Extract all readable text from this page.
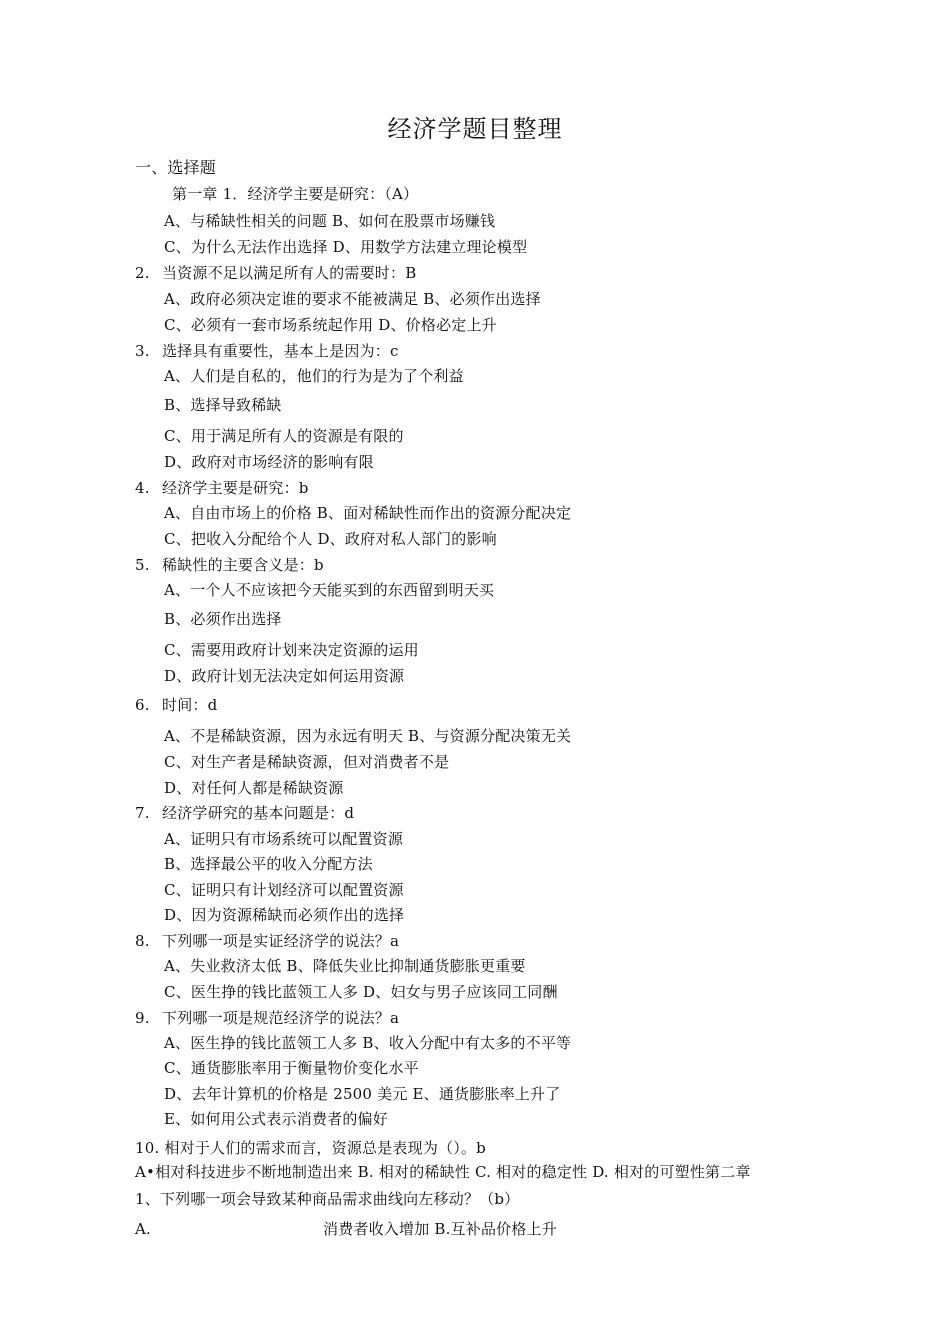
经济学题目整理
一、选择题
第一章 1．经济学主要是研究：（A）
A、与稀缺性相关的问题 B、如何在股票市场赚钱
C、为什么无法作出选择 D、用数学方法建立理论模型
2. 当资源不足以满足所有人的需要时：B
A、政府必须决定谁的要求不能被满足 B、必须作出选择
C、必须有一套市场系统起作用 D、价格必定上升
3. 选择具有重要性，基本上是因为：c
A、人们是自私的，他们的行为是为了个利益
B、选择导致稀缺
C、用于满足所有人的资源是有限的
D、政府对市场经济的影响有限
4. 经济学主要是研究：b
A、自由市场上的价格 B、面对稀缺性而作出的资源分配决定
C、把收入分配给个人 D、政府对私人部门的影响
5. 稀缺性的主要含义是：b
A、一个人不应该把今天能买到的东西留到明天买
B、必须作出选择
C、需要用政府计划来决定资源的运用
D、政府计划无法决定如何运用资源
6. 时间：d
A、不是稀缺资源，因为永远有明天 B、与资源分配决策无关
C、对生产者是稀缺资源，但对消费者不是
D、对任何人都是稀缺资源
7. 经济学研究的基本问题是：d
A、证明只有市场系统可以配置资源
B、选择最公平的收入分配方法
C、证明只有计划经济可以配置资源
D、因为资源稀缺而必须作出的选择
8. 下列哪一项是实证经济学的说法？a
A、失业救济太低 B、降低失业比抑制通货膨胀更重要
C、医生挣的钱比蓝领工人多 D、妇女与男子应该同工同酬
9. 下列哪一项是规范经济学的说法？a
A、医生挣的钱比蓝领工人多 B、收入分配中有太多的不平等
C、通货膨胀率用于衡量物价变化水平
D、去年计算机的价格是 2500 美元 E、通货膨胀率上升了
E、如何用公式表示消费者的偏好
10. 相对于人们的需求而言，资源总是表现为（）。b
A•相对科技进步不断地制造出来 B. 相对的稀缺性 C. 相对的稳定性 D. 相对的可塑性第二章
1、下列哪一项会导致某种商品需求曲线向左移动？（b）
A.	消费者收入增加 B.互补品价格上升
